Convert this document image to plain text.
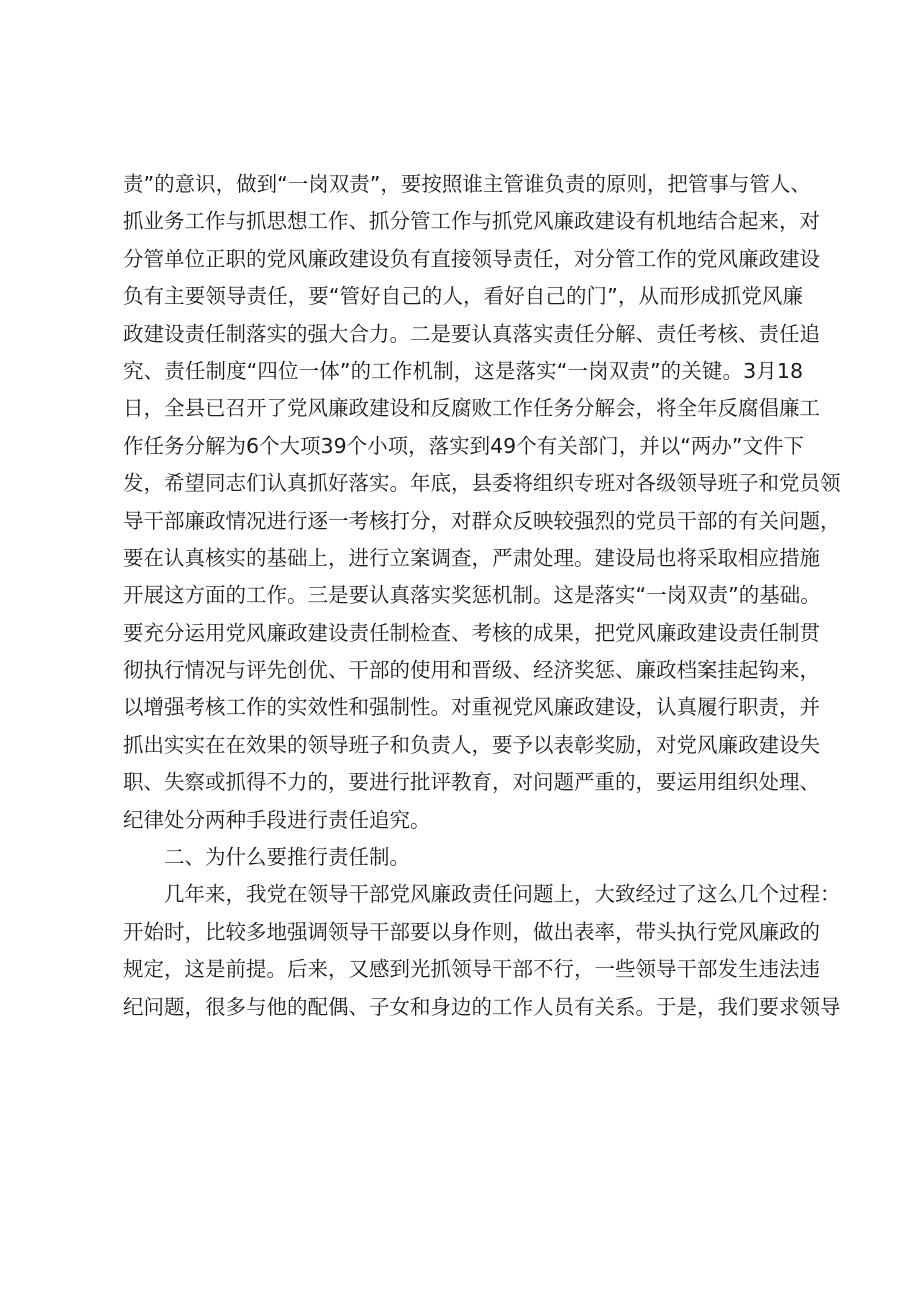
责”的意识，做到“一岗双责”，要按照谁主管谁负责的原则，把管事与管人、
抓业务工作与抓思想工作、抓分管工作与抓党风廉政建设有机地结合起来，对
分管单位正职的党风廉政建设负有直接领导责任，对分管工作的党风廉政建设
负有主要领导责任，要“管好自己的人，看好自己的门”，从而形成抓党风廉
政建设责任制落实的强大合力。二是要认真落实责任分解、责任考核、责任追
究、责任制度“四位一体”的工作机制，这是落实“一岗双责”的关键。3月18
日，全县已召开了党风廉政建设和反腐败工作任务分解会，将全年反腐倡廉工
作任务分解为6个大项39个小项，落实到49个有关部门，并以“两办”文件下
发，希望同志们认真抓好落实。年底，县委将组织专班对各级领导班子和党员领
导干部廉政情况进行逐一考核打分，对群众反映较强烈的党员干部的有关问题，
要在认真核实的基础上，进行立案调查，严肃处理。建设局也将采取相应措施
开展这方面的工作。三是要认真落实奖惩机制。这是落实“一岗双责”的基础。
要充分运用党风廉政建设责任制检查、考核的成果，把党风廉政建设责任制贯
彻执行情况与评先创优、干部的使用和晋级、经济奖惩、廉政档案挂起钩来，
以增强考核工作的实效性和强制性。对重视党风廉政建设，认真履行职责，并
抓出实实在在效果的领导班子和负责人，要予以表彰奖励，对党风廉政建设失
职、失察或抓得不力的，要进行批评教育，对问题严重的，要运用组织处理、
纪律处分两种手段进行责任追究。
二、为什么要推行责任制。
几年来，我党在领导干部党风廉政责任问题上，大致经过了这么几个过程：
开始时，比较多地强调领导干部要以身作则，做出表率，带头执行党风廉政的
规定，这是前提。后来，又感到光抓领导干部不行，一些领导干部发生违法违
纪问题，很多与他的配偶、子女和身边的工作人员有关系。于是，我们要求领导
